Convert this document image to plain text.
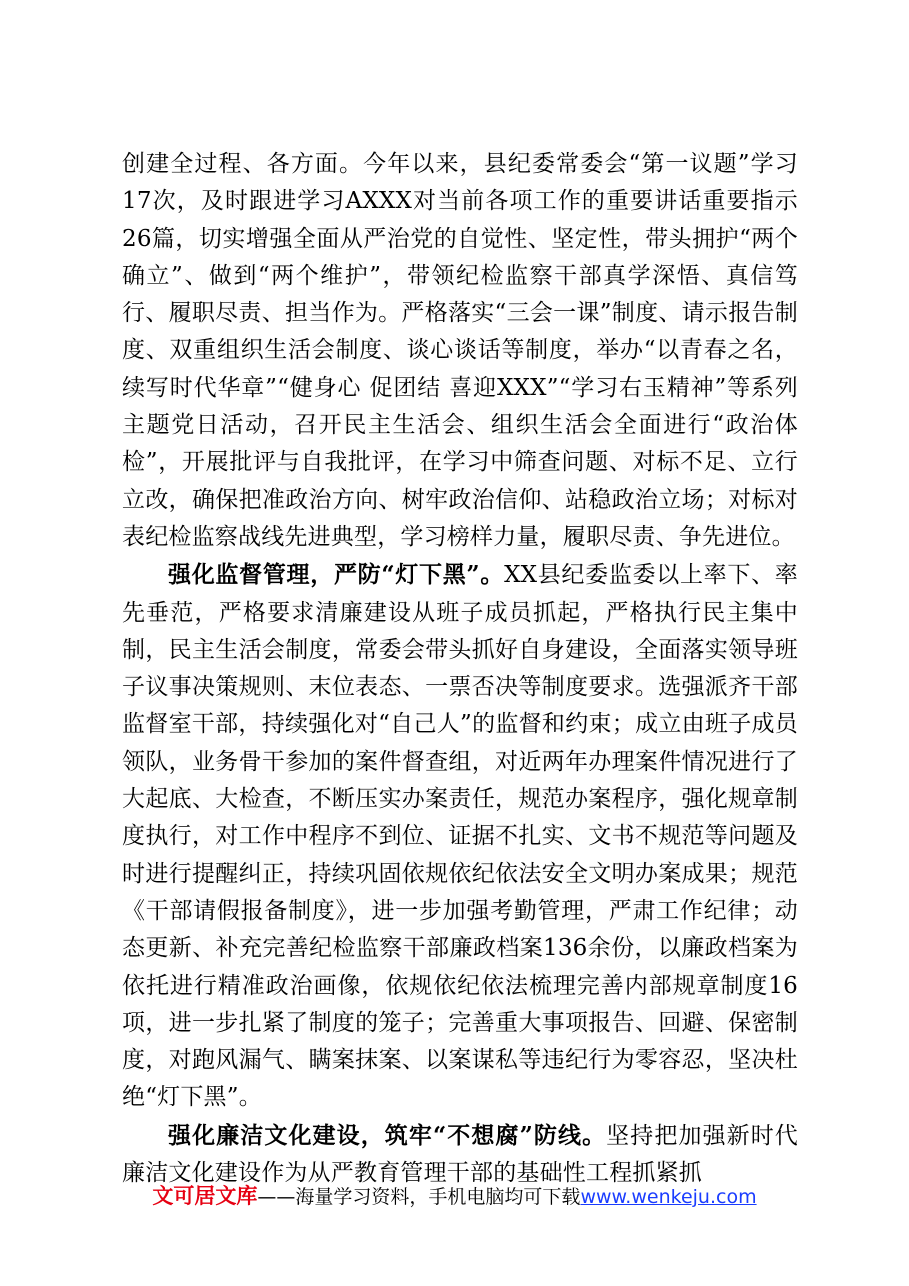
创建全过程、各方面。今年以来，县纪委常委会“第一议题”学习17次，及时跟进学习AXXX对当前各项工作的重要讲话重要指示26篇，切实增强全面从严治党的自觉性、坚定性，带头拥护“两个确立”、做到“两个维护”，带领纪检监察干部真学深悟、真信笃行、履职尽责、担当作为。严格落实“三会一课”制度、请示报告制度、双重组织生活会制度、谈心谈话等制度，举办“以青春之名，续写时代华章”“健身心 促团结 喜迎XXX”“学习右玉精神”等系列主题党日活动，召开民主生活会、组织生活会全面进行“政治体检”，开展批评与自我批评，在学习中筛查问题、对标不足、立行立改，确保把准政治方向、树牢政治信仰、站稳政治立场；对标对表纪检监察战线先进典型，学习榜样力量，履职尽责、争先进位。

强化监督管理，严防“灯下黑”。XX县纪委监委以上率下、率先垂范，严格要求清廉建设从班子成员抓起，严格执行民主集中制，民主生活会制度，常委会带头抓好自身建设，全面落实领导班子议事决策规则、末位表态、一票否决等制度要求。选强派齐干部监督室干部，持续强化对“自己人”的监督和约束；成立由班子成员领队，业务骨干参加的案件督查组，对近两年办理案件情况进行了大起底、大检查，不断压实办案责任，规范办案程序，强化规章制度执行，对工作中程序不到位、证据不扎实、文书不规范等问题及时进行提醒纠正，持续巩固依规依纪依法安全文明办案成果；规范《干部请假报备制度》，进一步加强考勤管理，严肃工作纪律；动态更新、补充完善纪检监察干部廉政档案136余份，以廉政档案为依托进行精准政治画像，依规依纪依法梳理完善内部规章制度16项，进一步扎紧了制度的笼子；完善重大事项报告、回避、保密制度，对跑风漏气、瞒案抹案、以案谋私等违纪行为零容忍，坚决杜绝“灯下黑”。

强化廉洁文化建设，筑牢“不想腐”防线。坚持把加强新时代廉洁文化建设作为从严教育管理干部的基础性工程抓紧抓

文可居文库——海量学习资料，手机电脑均可下载www.wenkeju.com
